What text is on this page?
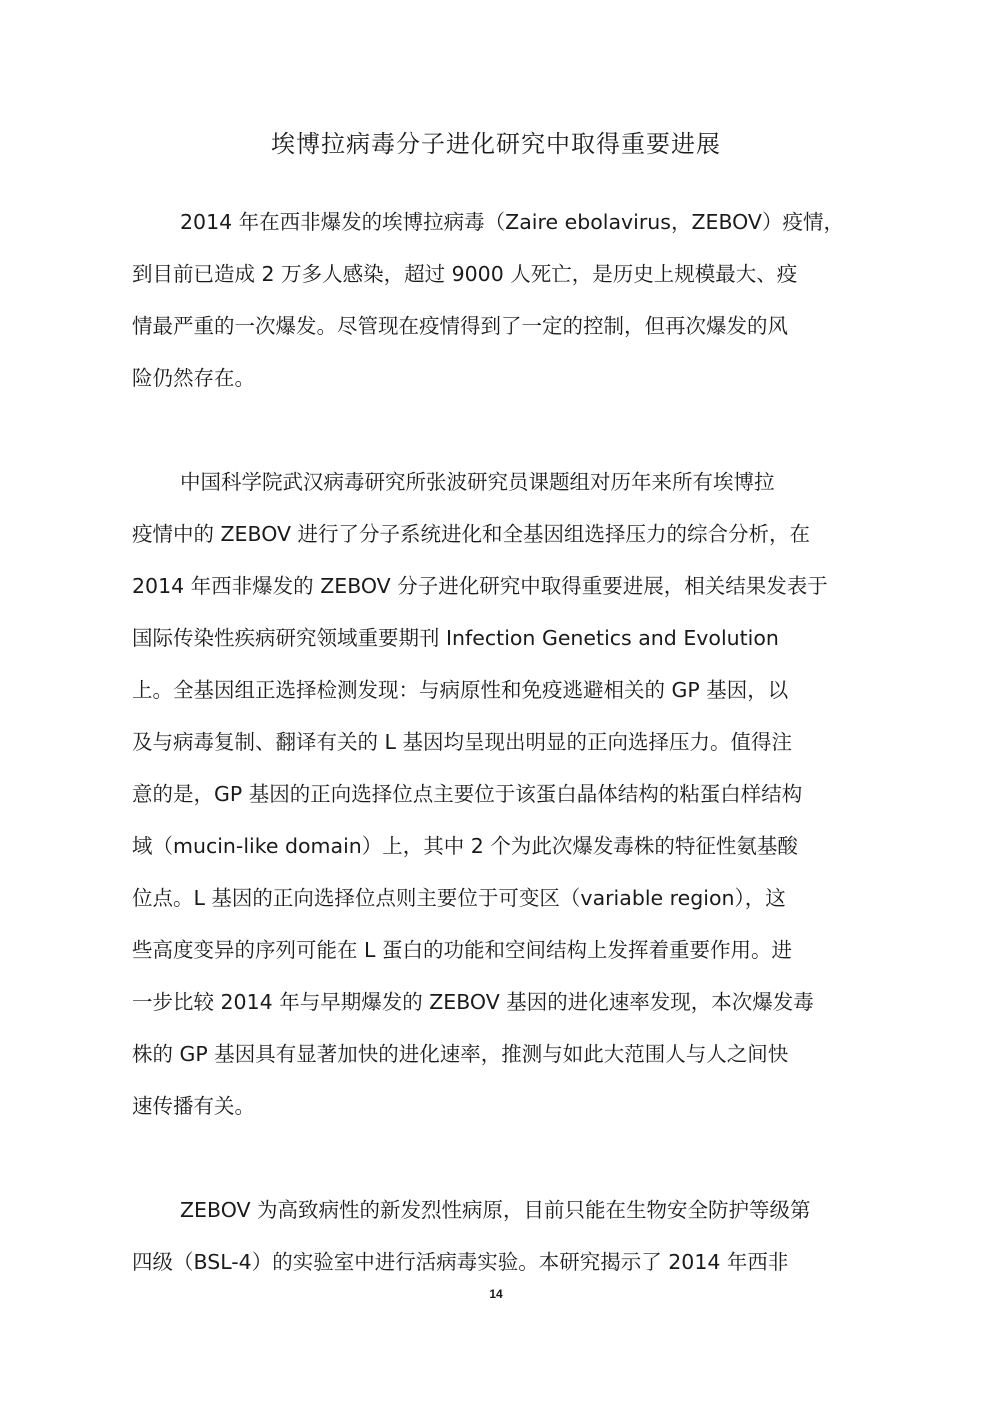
埃博拉病毒分子进化研究中取得重要进展
2014 年在西非爆发的埃博拉病毒（Zaire ebolavirus，ZEBOV）疫情，
到目前已造成 2 万多人感染，超过 9000 人死亡，是历史上规模最大、疫
情最严重的一次爆发。尽管现在疫情得到了一定的控制，但再次爆发的风
险仍然存在。
中国科学院武汉病毒研究所张波研究员课题组对历年来所有埃博拉
疫情中的 ZEBOV 进行了分子系统进化和全基因组选择压力的综合分析，在
2014 年西非爆发的 ZEBOV 分子进化研究中取得重要进展，相关结果发表于
国际传染性疾病研究领域重要期刊 Infection Genetics and Evolution
上。全基因组正选择检测发现：与病原性和免疫逃避相关的 GP 基因，以
及与病毒复制、翻译有关的 L 基因均呈现出明显的正向选择压力。值得注
意的是，GP 基因的正向选择位点主要位于该蛋白晶体结构的粘蛋白样结构
域（mucin-like domain）上，其中 2 个为此次爆发毒株的特征性氨基酸
位点。L 基因的正向选择位点则主要位于可变区（variable region），这
些高度变异的序列可能在 L 蛋白的功能和空间结构上发挥着重要作用。进
一步比较 2014 年与早期爆发的 ZEBOV 基因的进化速率发现，本次爆发毒
株的 GP 基因具有显著加快的进化速率，推测与如此大范围人与人之间快
速传播有关。
ZEBOV 为高致病性的新发烈性病原，目前只能在生物安全防护等级第
四级（BSL-4）的实验室中进行活病毒实验。本研究揭示了 2014 年西非
14
